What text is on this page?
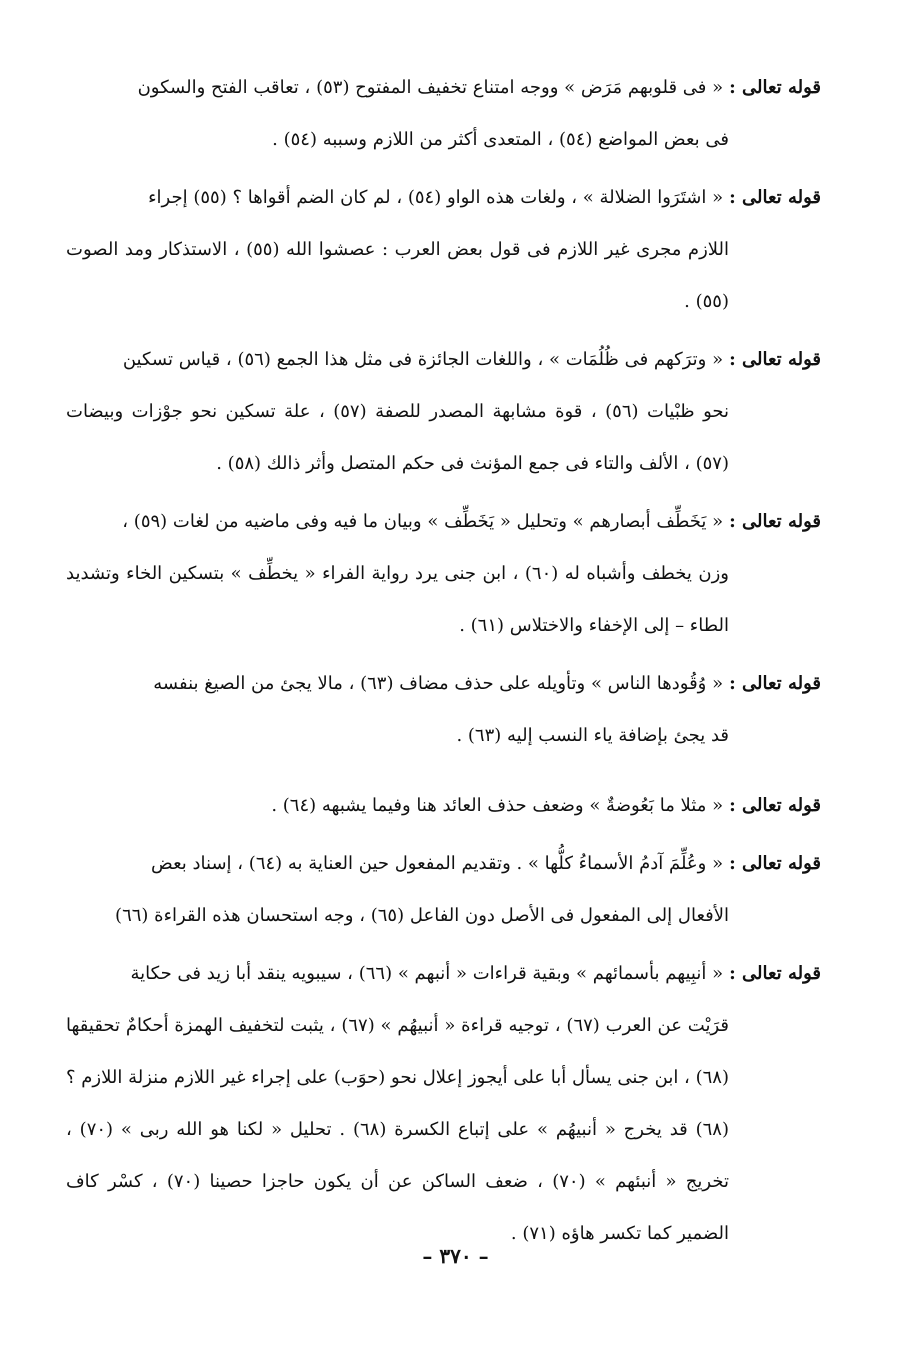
قوله تعالى :« فى قلوبهم مَرَض » ووجه امتناع تخفيف المفتوح (٥٣) ، تعاقب الفتح والسكون
فى بعض المواضع (٥٤) ، المتعدى أكثر من اللازم وسببه (٥٤) .

قوله تعالى :« اشتَرَوا الضلالة » ، ولغات هذه الواو (٥٤) ، لم كان الضم أقواها ؟ (٥٥) إجراء
اللازم مجرى غير اللازم فى قول بعض العرب : عصشوا الله (٥٥) ، الاستذكار ومد الصوت (٥٥) .

قوله تعالى :« وترَكهم فى ظُلُمَات » ، واللغات الجائزة فى مثل هذا الجمع (٥٦) ، قياس تسكين
نحو ظبْيات (٥٦) ، قوة مشابهة المصدر للصفة (٥٧) ، علة تسكين نحو جوْزات وبيضات (٥٧) ، الألف والتاء فى جمع المؤنث فى حكم المتصل وأثر ذالك (٥٨) .

قوله تعالى :« يَخَطِّف أبصارهم » وتحليل « يَخَطِّف » وبيان ما فيه وفى ماضيه من لغات (٥٩) ،
وزن يخطف وأشباه له (٦٠) ، ابن جنى يرد رواية الفراء « يخطِّف » بتسكين الخاء وتشديد الطاء – إلى الإخفاء والاختلاس (٦١) .

قوله تعالى :« وُقُودها الناس » وتأويله على حذف مضاف (٦٣) ، مالا يجئ من الصيغ بنفسه
قد يجئ بإضافة ياء النسب إليه (٦٣) .

قوله تعالى :« مثلا ما بَعُوضةٌ » وضعف حذف العائد هنا وفيما يشبهه (٦٤) .

قوله تعالى :« وعُلِّمَ آدمُ الأسماءُ كلُّها » . وتقديم المفعول حين العناية به (٦٤) ، إسناد بعض
الأفعال إلى المفعول فى الأصل دون الفاعل (٦٥) ، وجه استحسان هذه القراءة (٦٦)

قوله تعالى :« أنبِيهم بأسمائهم » وبقية قراءات « أنبهم » (٦٦) ، سيبويه ينقد أبا زيد فى حكاية
قرَيْت عن العرب (٦٧) ، توجيه قراءة « أنبيهُم » (٦٧) ، يثبت لتخفيف الهمزة أحكامٌ تحقيقها (٦٨) ، ابن جنى يسأل أبا على أيجوز إعلال نحو (حوَب) على إجراء غير اللازم منزلة اللازم ؟ (٦٨) قد يخرج « أنبيهُم » على إتباع الكسرة (٦٨) . تحليل « لكنا هو الله ربى » (٧٠) ، تخريج « أنبئهم » (٧٠) ، ضعف الساكن عن أن يكون حاجزا حصينا (٧٠) ، كسْر كاف الضمير كما تكسر هاؤه (٧١) .

– ٣٧٠ –
